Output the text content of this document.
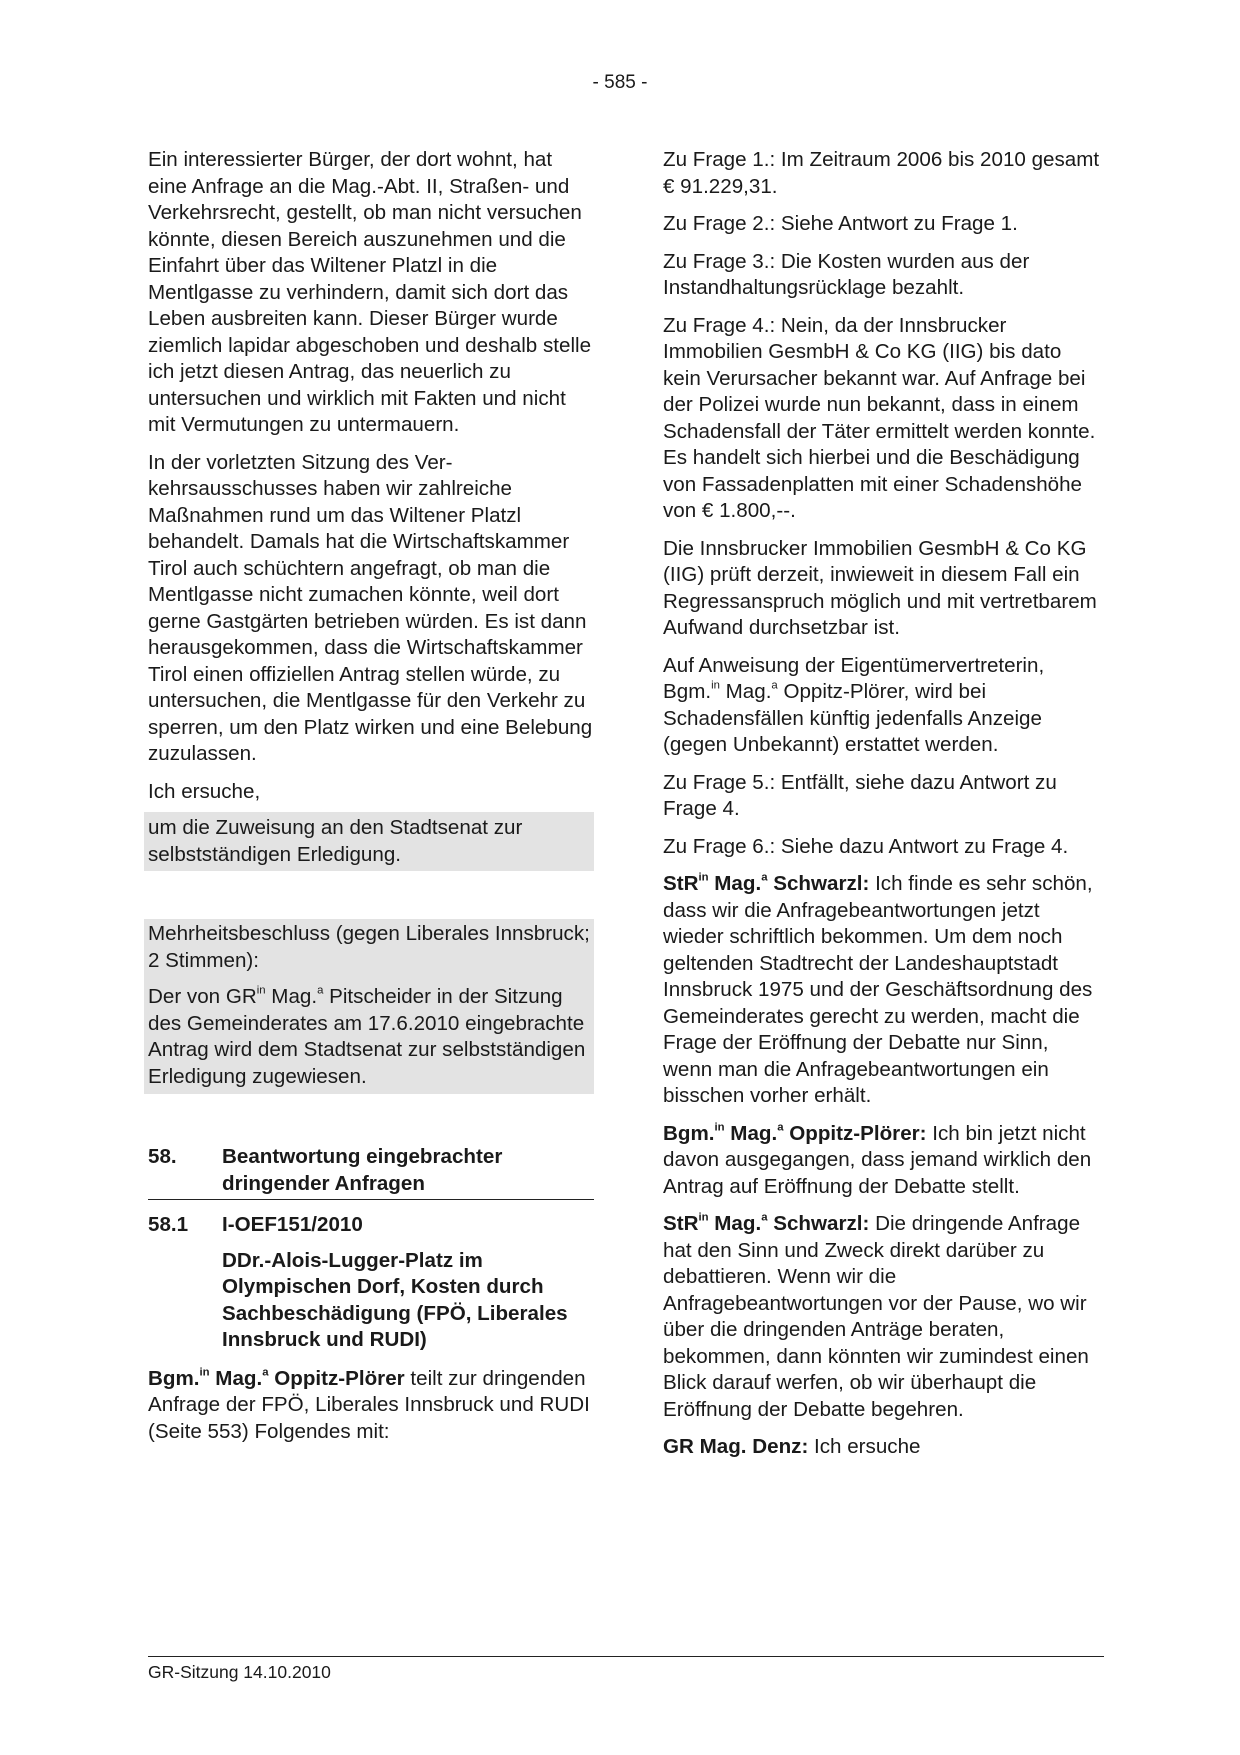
- 585 -

Ein interessierter Bürger, der dort wohnt, hat eine Anfrage an die Mag.-Abt. II, Straßen- und Verkehrsrecht, gestellt, ob man nicht versuchen könnte, diesen Bereich auszunehmen und die Einfahrt über das Wiltener Platzl in die Mentlgasse zu verhindern, damit sich dort das Leben ausbreiten kann. Dieser Bürger wurde ziemlich lapidar abgeschoben und deshalb stelle ich jetzt diesen Antrag, das neuerlich zu untersuchen und wirklich mit Fakten und nicht mit Vermutungen zu untermauern.

In der vorletzten Sitzung des Verkehrsausschusses haben wir zahlreiche Maßnahmen rund um das Wiltener Platzl behandelt. Damals hat die Wirtschaftskammer Tirol auch schüchtern angefragt, ob man die Mentlgasse nicht zumachen könnte, weil dort gerne Gastgärten betrieben würden. Es ist dann herausgekommen, dass die Wirtschaftskammer Tirol einen offiziellen Antrag stellen würde, zu untersuchen, die Mentlgasse für den Verkehr zu sperren, um den Platz wirken und eine Belebung zuzulassen.

Ich ersuche,

um die Zuweisung an den Stadtsenat zur selbstständigen Erledigung.

Mehrheitsbeschluss (gegen Liberales Innsbruck; 2 Stimmen):

Der von $GR^{in}$ Mag.$^a$ Pitscheider in der Sitzung des Gemeinderates am 17.6.2010 eingebrachte Antrag wird dem Stadtsenat zur selbstständigen Erledigung zugewiesen.

58.	Beantwortung eingebrachter dringender Anfragen
58.1	I-OEF151/2010
DDr.-Alois-Lugger-Platz im Olympischen Dorf, Kosten durch Sachbeschädigung (FPÖ, Liberales Innsbruck und RUDI)

Bgm.$^{in}$ Mag.$^a$ Oppitz-Plörer teilt zur dringenden Anfrage der FPÖ, Liberales Innsbruck und RUDI (Seite 553) Folgendes mit:

Zu Frage 1.: Im Zeitraum 2006 bis 2010 gesamt € 91.229,31.

Zu Frage 2.: Siehe Antwort zu Frage 1.

Zu Frage 3.: Die Kosten wurden aus der Instandhaltungsrücklage bezahlt.

Zu Frage 4.: Nein, da der Innsbrucker Immobilien GesmbH & Co KG (IIG) bis dato kein Verursacher bekannt war. Auf Anfrage bei der Polizei wurde nun bekannt, dass in einem Schadensfall der Täter ermittelt werden konnte. Es handelt sich hierbei und die Beschädigung von Fassadenplatten mit einer Schadenshöhe von € 1.800,--.

Die Innsbrucker Immobilien GesmbH & Co KG (IIG) prüft derzeit, inwieweit in diesem Fall ein Regressanspruch möglich und mit vertretbarem Aufwand durchsetzbar ist.

Auf Anweisung der Eigentümervertreterin, Bgm.$^{in}$ Mag.$^a$ Oppitz-Plörer, wird bei Schadensfällen künftig jedenfalls Anzeige (gegen Unbekannt) erstattet werden.

Zu Frage 5.: Entfällt, siehe dazu Antwort zu Frage 4.

Zu Frage 6.: Siehe dazu Antwort zu Frage 4.

StR$^{in}$ Mag.$^a$ Schwarzl: Ich finde es sehr schön, dass wir die Anfragebeantwortungen jetzt wieder schriftlich bekommen. Um dem noch geltenden Stadtrecht der Landeshauptstadt Innsbruck 1975 und der Geschäftsordnung des Gemeinderates gerecht zu werden, macht die Frage der Eröffnung der Debatte nur Sinn, wenn man die Anfragebeantwortungen ein bisschen vorher erhält.

Bgm.$^{in}$ Mag.$^a$ Oppitz-Plörer: Ich bin jetzt nicht davon ausgegangen, dass jemand wirklich den Antrag auf Eröffnung der Debatte stellt.

StR$^{in}$ Mag.$^a$ Schwarzl: Die dringende Anfrage hat den Sinn und Zweck direkt darüber zu debattieren. Wenn wir die Anfragebeantwortungen vor der Pause, wo wir über die dringenden Anträge beraten, bekommen, dann könnten wir zumindest einen Blick darauf werfen, ob wir überhaupt die Eröffnung der Debatte begehren.

GR Mag. Denz: Ich ersuche

GR-Sitzung 14.10.2010
